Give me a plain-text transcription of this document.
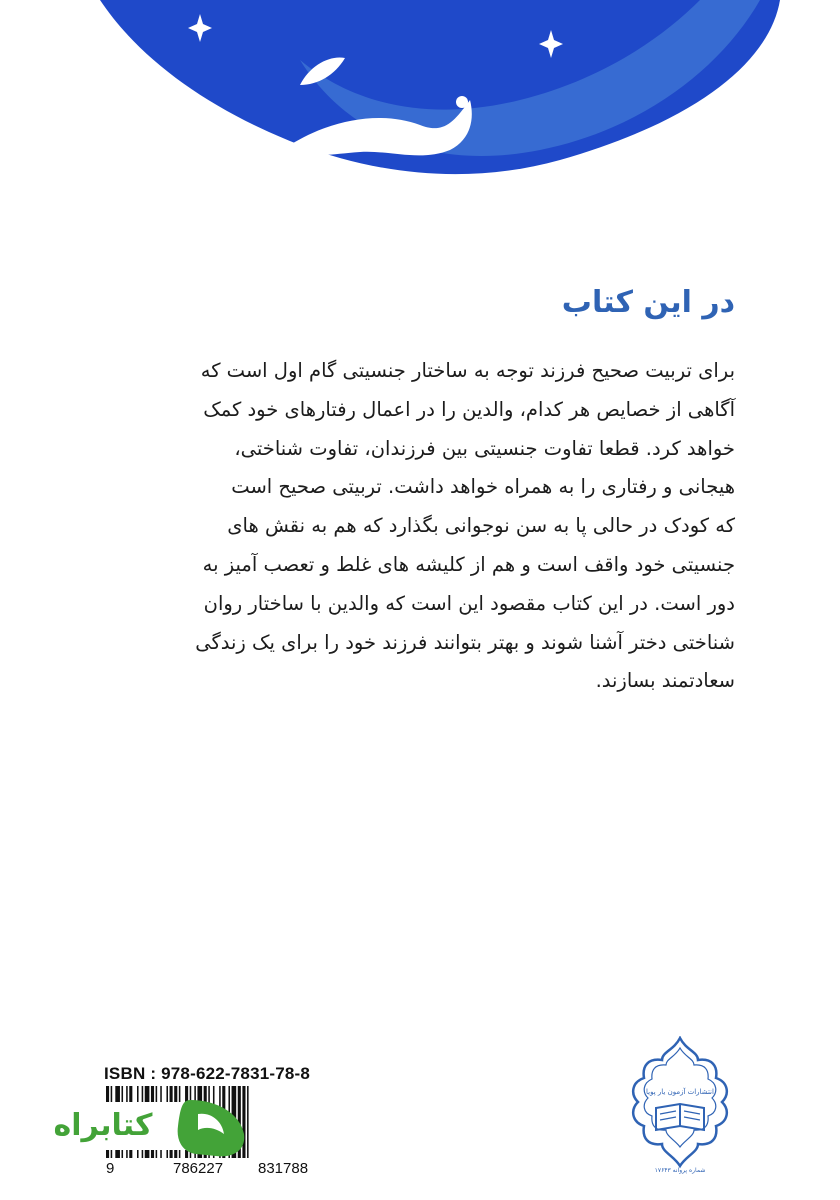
در این کتاب
برای تربیت صحیح فرزند توجه به ساختار جنسیتی گام اول است که
آگاهی از خصایص هر کدام، والدین را در اعمال رفتارهای خود کمک
خواهد کرد. قطعا تفاوت جنسیتی بین فرزندان، تفاوت شناختی،
هیجانی و رفتاری را به همراه خواهد داشت. تربیتی صحیح است
که کودک در حالی پا به سن نوجوانی بگذارد که هم به نقش های
جنسیتی خود واقف است و هم از کلیشه های غلط و تعصب آمیز به
دور است. در این کتاب مقصود این است که والدین با ساختار روان
شناختی دختر آشنا شوند و بهتر بتوانند فرزند خود را برای یک زندگی
سعادتمند بسازند.
ISBN : 978-622-7831-78-8
9	786227 831788
کتابراه
انتشارات آزمون یار پویا
شماره پروانه ۱۷۶۴۳
